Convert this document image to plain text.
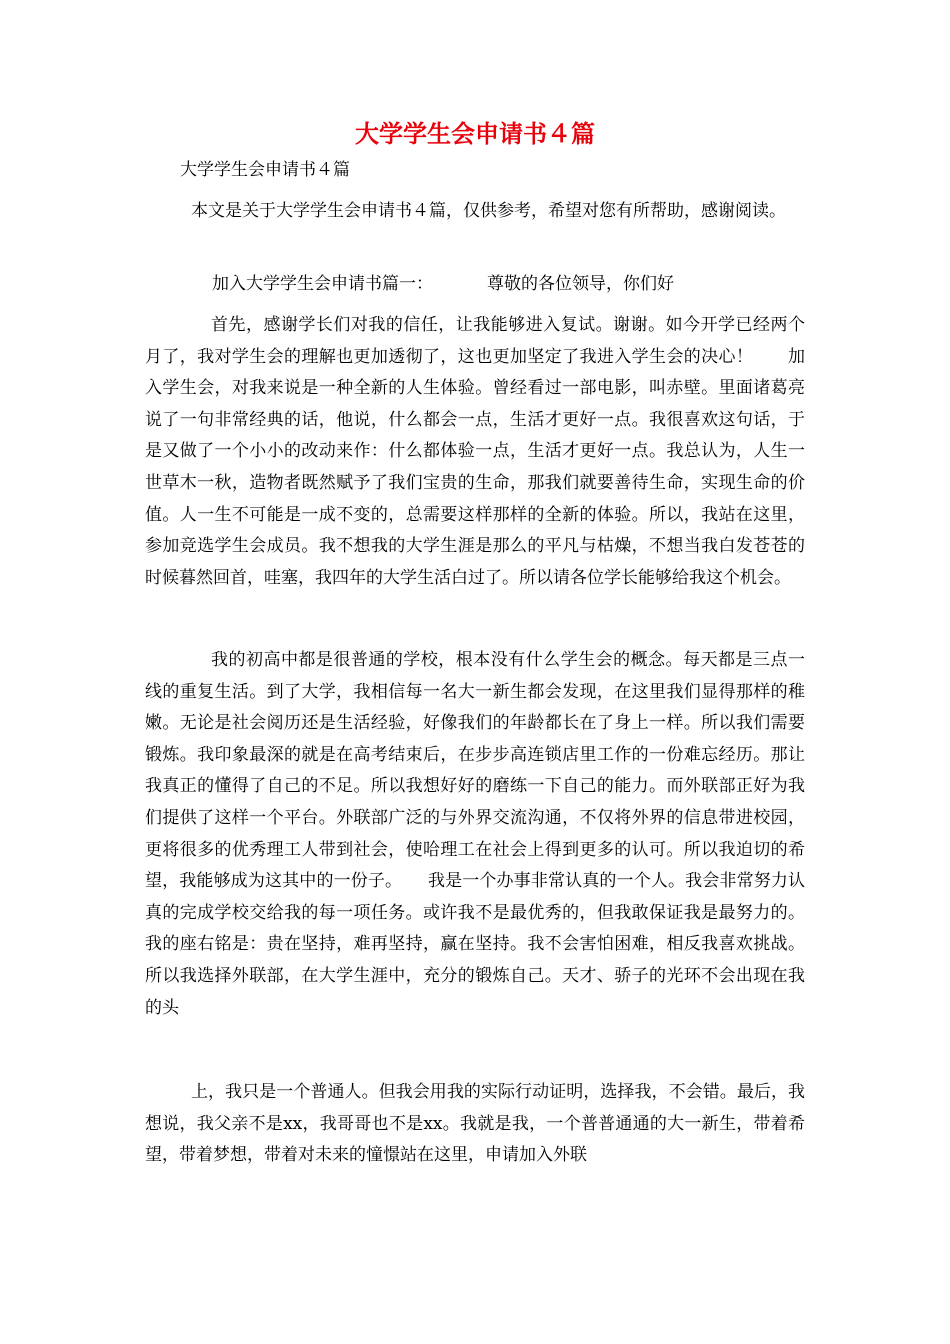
大学学生会申请书４篇

大学学生会申请书４篇

本文是关于大学学生会申请书４篇，仅供参考，希望对您有所帮助，感谢阅读。

加入大学学生会申请书篇一：	尊敬的各位领导，你们好

首先，感谢学长们对我的信任，让我能够进入复试。谢谢。如今开学已经两个月了，我对学生会的理解也更加透彻了，这也更加坚定了我进入学生会的决心！　　加入学生会，对我来说是一种全新的人生体验。曾经看过一部电影，叫赤壁。里面诸葛亮说了一句非常经典的话，他说，什么都会一点，生活才更好一点。我很喜欢这句话，于是又做了一个小小的改动来作：什么都体验一点，生活才更好一点。我总认为，人生一世草木一秋，造物者既然赋予了我们宝贵的生命，那我们就要善待生命，实现生命的价值。人一生不可能是一成不变的，总需要这样那样的全新的体验。所以，我站在这里，参加竞选学生会成员。我不想我的大学生涯是那么的平凡与枯燥，不想当我白发苍苍的时候暮然回首，哇塞，我四年的大学生活白过了。所以请各位学长能够给我这个机会。

我的初高中都是很普通的学校，根本没有什么学生会的概念。每天都是三点一线的重复生活。到了大学，我相信每一名大一新生都会发现，在这里我们显得那样的稚嫩。无论是社会阅历还是生活经验，好像我们的年龄都长在了身上一样。所以我们需要锻炼。我印象最深的就是在高考结束后，在步步高连锁店里工作的一份难忘经历。那让我真正的懂得了自己的不足。所以我想好好的磨练一下自己的能力。而外联部正好为我们提供了这样一个平台。外联部广泛的与外界交流沟通，不仅将外界的信息带进校园，更将很多的优秀理工人带到社会，使哈理工在社会上得到更多的认可。所以我迫切的希望，我能够成为这其中的一份子。　　我是一个办事非常认真的一个人。我会非常努力认真的完成学校交给我的每一项任务。或许我不是最优秀的，但我敢保证我是最努力的。我的座右铭是：贵在坚持，难再坚持，赢在坚持。我不会害怕困难，相反我喜欢挑战。所以我选择外联部，在大学生涯中，充分的锻炼自己。天才、骄子的光环不会出现在我的头

上，我只是一个普通人。但我会用我的实际行动证明，选择我，不会错。最后，我想说，我父亲不是xx，我哥哥也不是xx。我就是我，一个普普通通的大一新生，带着希望，带着梦想，带着对未来的憧憬站在这里，申请加入外联
